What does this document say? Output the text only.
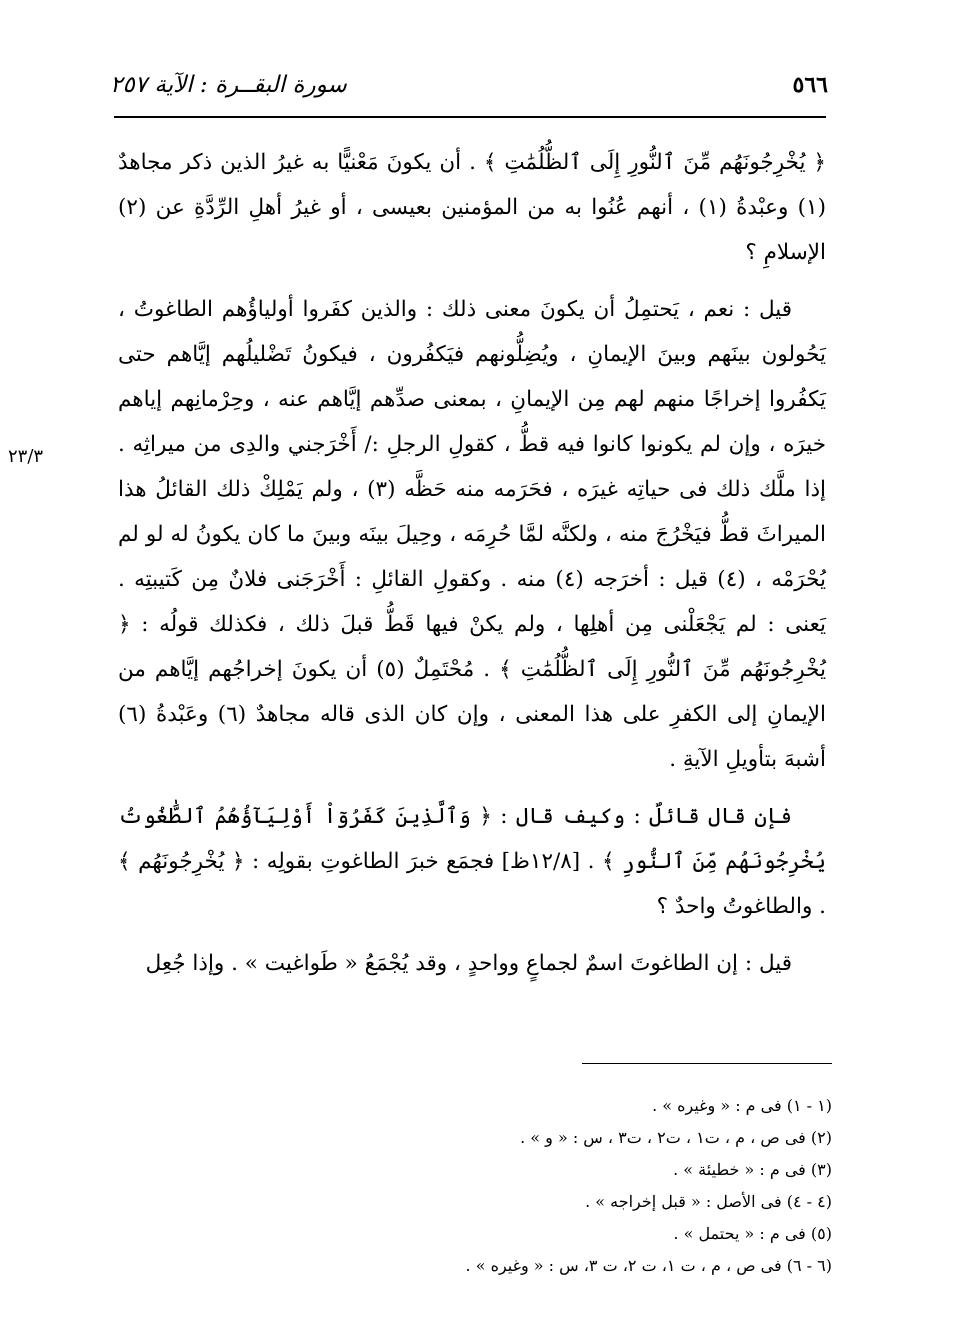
٥٦٦
سورة البقــرة : الآية ٢٥٧
٢٣/٣

﴿ يُخْرِجُونَهُم مِّنَ ٱلنُّورِ إِلَى ٱلظُّلُمَٰتِ ﴾ . أن يكونَ مَعْنيًّا به غيرُ الذين ذكر مجاهدٌ (١) وعبْدةُ (١) ، أنهم عُنُوا به من المؤمنين بعيسى ، أو غيرُ أهلِ الرِّدَّةِ عن (٢) الإسلامِ ؟

قيل : نعم ، يَحتمِلُ أن يكونَ معنى ذلك : والذين كفَروا أولياؤُهم الطاغوتُ ، يَحُولون بينَهم وبينَ الإيمانِ ، ويُضِلُّونهم فيَكفُرون ، فيكونُ تَضْليلُهم إيَّاهم حتى يَكفُروا إخراجًا منهم لهم مِن الإيمانِ ، بمعنى صدِّهم إيَّاهم عنه ، وحِرْمانِهم إياهم خيرَه ، وإن لم يكونوا كانوا فيه قطُّ ، كقولِ الرجلِ :/ أَخْرَجني والدِى من ميراثِه . إذا ملَّك ذلك فى حياتِه غيرَه ، فحَرَمه منه حَظَّه (٣) ، ولم يَمْلِكْ ذلك القائلُ هذا الميراثَ قطُّ فيَخْرُجَ منه ، ولكنَّه لمَّا حُرِمَه ، وحِيلَ بينَه وبينَ ما كان يكونُ له لو لم يُحْرَمْه ، (٤) قيل : أخرَجه (٤) منه . وكقولِ القائلِ : أَخْرَجَنى فلانٌ مِن كَتيبتِه . يَعنى : لم يَجْعَلْنى مِن أهلِها ، ولم يكنْ فيها قَطُّ قبلَ ذلك ، فكذلك قولُه : ﴿ يُخْرِجُونَهُم مِّنَ ٱلنُّورِ إِلَى ٱلظُّلُمَٰتِ ﴾ . مُحْتَمِلٌ (٥) أن يكونَ إخراجُهم إيَّاهم من الإيمانِ إلى الكفرِ على هذا المعنى ، وإن كان الذى قاله مجاهدٌ (٦) وعَبْدةُ (٦) أشبهَ بتأويلِ الآيةِ .

فإن قال قائلٌ : وكيف قال : ﴿ وَٱلَّذِينَ كَفَرُوٓاْ أَوْلِيَآؤُهُمُ ٱلطَّٰغُوتُ يُخْرِجُونَهُم مِّنَ ٱلنُّورِ ﴾ . [١٢/٨ظ] فجمَع خبرَ الطاغوتِ بقولِه : ﴿ يُخْرِجُونَهُم ﴾ . والطاغوتُ واحدٌ ؟

قيل : إن الطاغوتَ اسمٌ لجماعٍ وواحدٍ ، وقد يُجْمَعُ « طَواغيت » . وإذا جُعِل

(١ - ١) فى م : « وغيره » .
(٢) فى ص ، م ، ت١ ، ت٢ ، ت٣ ، س : « و » .
(٣) فى م : « خطيئة » .
(٤ - ٤) فى الأصل : « قبل إخراجه » .
(٥) فى م : « يحتمل » .
(٦ - ٦) فى ص ، م ، ت ١، ت ٢، ت ٣، س : « وغيره » .
